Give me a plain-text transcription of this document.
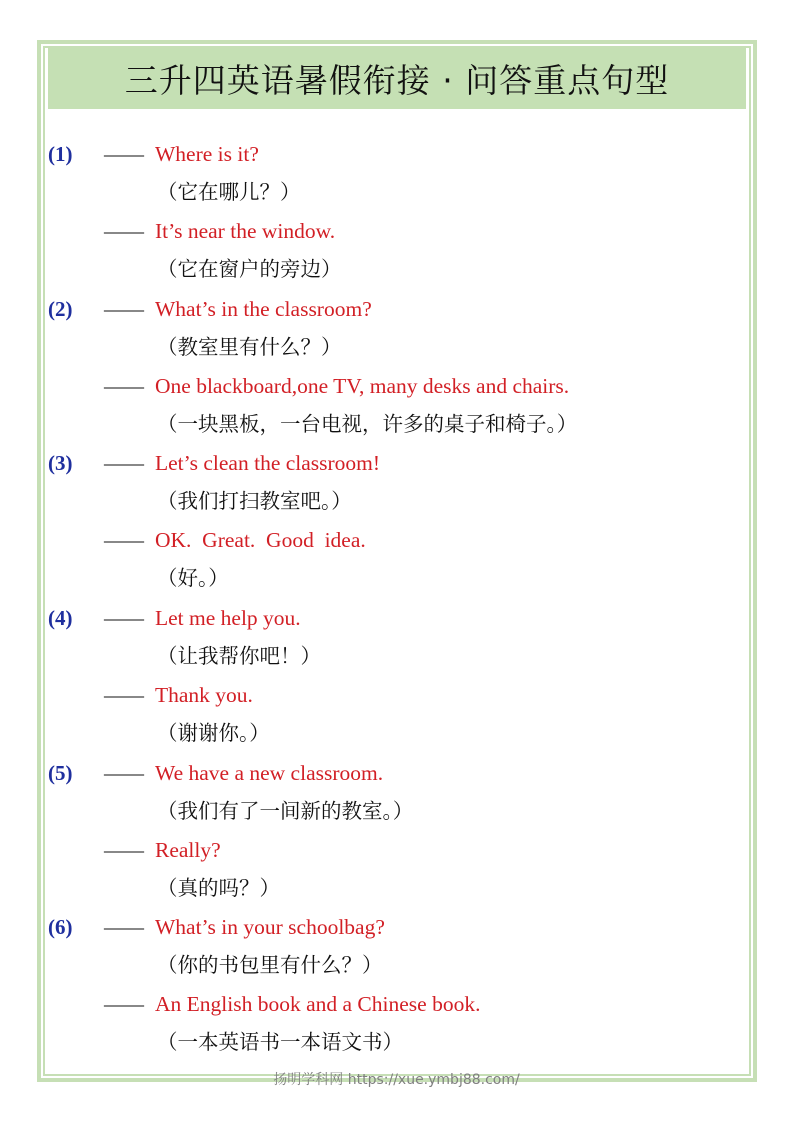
三升四英语暑假衔接 · 问答重点句型
(1) —— Where is it?
（它在哪儿？）
—— It’s near the window.
（它在窗户的旁边）
(2) —— What’s in the classroom?
（教室里有什么？）
—— One blackboard,one TV, many desks and chairs.
（一块黑板，一台电视，许多的桌子和椅子。）
(3) —— Let’s clean the classroom!
（我们打扫教室吧。）
—— OK.  Great.  Good  idea.
（好。）
(4) —— Let me help you.
（让我帮你吧！）
—— Thank you.
（谢谢你。）
(5) —— We have a new classroom.
（我们有了一间新的教室。）
—— Really?
（真的吗？）
(6) —— What’s in your schoolbag?
（你的书包里有什么？）
—— An English book and a Chinese book.
（一本英语书一本语文书）
扬明学科网 https://xue.ymbj88.com/
